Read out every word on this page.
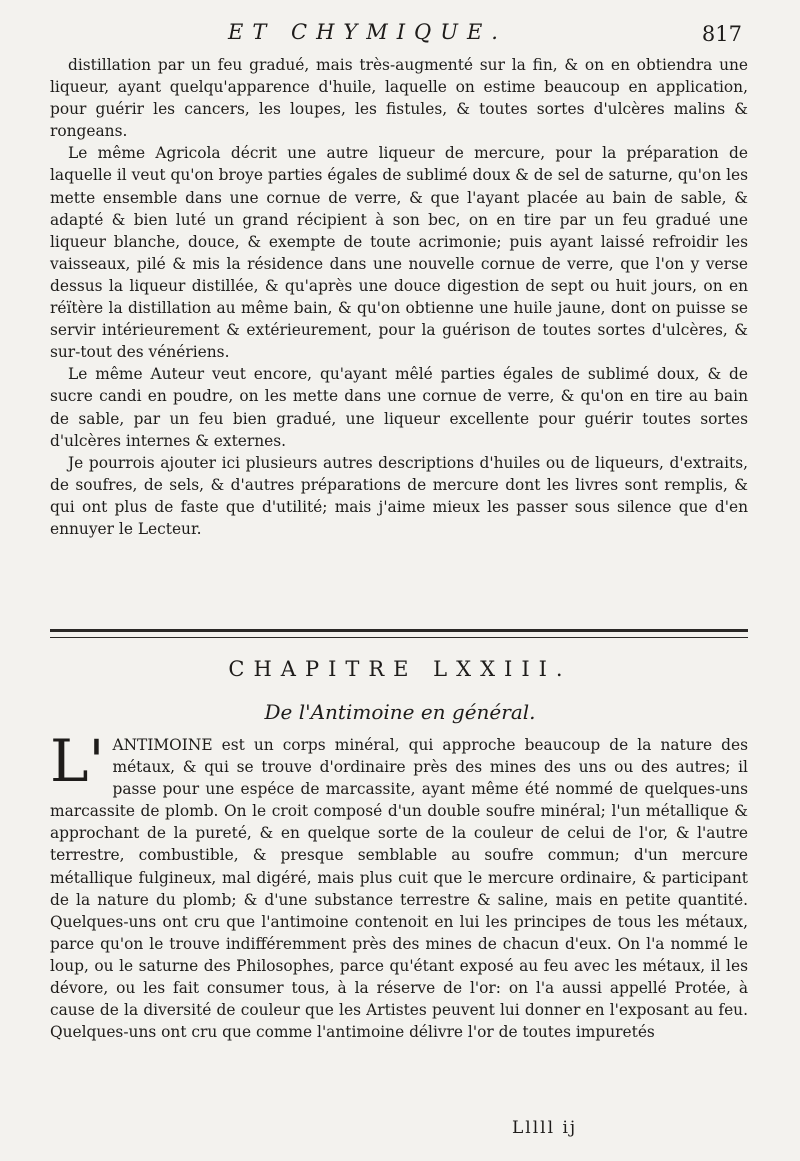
ET CHYMIQUE.	817

distillation par un feu gradué, mais très-augmenté sur la fin, & on en obtiendra une liqueur, ayant quelqu'apparence d'huile, laquelle on estime beaucoup en application, pour guérir les cancers, les loupes, les fistules, & toutes sortes d'ulcères malins & rongeans.

Le même Agricola décrit une autre liqueur de mercure, pour la préparation de laquelle il veut qu'on broye parties égales de sublimé doux & de sel de saturne, qu'on les mette ensemble dans une cornue de verre, & que l'ayant placée au bain de sable, & adapté & bien luté un grand récipient à son bec, on en tire par un feu gradué une liqueur blanche, douce, & exempte de toute acrimonie; puis ayant laissé refroidir les vaisseaux, pilé & mis la résidence dans une nouvelle cornue de verre, que l'on y verse dessus la liqueur distillée, & qu'après une douce digestion de sept ou huit jours, on en réïtère la distillation au même bain, & qu'on obtienne une huile jaune, dont on puisse se servir intérieurement & extérieurement, pour la guérison de toutes sortes d'ulcères, & sur-tout des vénériens.

Le même Auteur veut encore, qu'ayant mêlé parties égales de sublimé doux, & de sucre candi en poudre, on les mette dans une cornue de verre, & qu'on en tire au bain de sable, par un feu bien gradué, une liqueur excellente pour guérir toutes sortes d'ulcères internes & externes.

Je pourrois ajouter ici plusieurs autres descriptions d'huiles ou de liqueurs, d'extraits, de soufres, de sels, & d'autres préparations de mercure dont les livres sont remplis, & qui ont plus de faste que d'utilité; mais j'aime mieux les passer sous silence que d'en ennuyer le Lecteur.

CHAPITRE LXXIII.
De l'Antimoine en général.

L'ANTIMOINE est un corps minéral, qui approche beaucoup de la nature des métaux, & qui se trouve d'ordinaire près des mines des uns ou des autres; il passe pour une espéce de marcassite, ayant même été nommé de quelques-uns marcassite de plomb. On le croit composé d'un double soufre minéral; l'un métallique & approchant de la pureté, & en quelque sorte de la couleur de celui de l'or, & l'autre terrestre, combustible, & presque semblable au soufre commun; d'un mercure métallique fulgineux, mal digéré, mais plus cuit que le mercure ordinaire, & participant de la nature du plomb; & d'une substance terrestre & saline, mais en petite quantité. Quelques-uns ont cru que l'antimoine contenoit en lui les principes de tous les métaux, parce qu'on le trouve indifféremment près des mines de chacun d'eux. On l'a nommé le loup, ou le saturne des Philosophes, parce qu'étant exposé au feu avec les métaux, il les dévore, ou les fait consumer tous, à la réserve de l'or: on l'a aussi appellé Protée, à cause de la diversité de couleur que les Artistes peuvent lui donner en l'exposant au feu. Quelques-uns ont cru que comme l'antimoine délivre l'or de toutes impuretés

Lllll ij
